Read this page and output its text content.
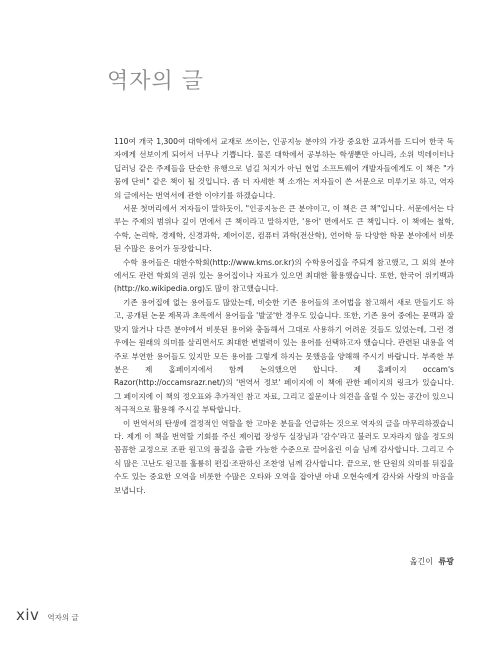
역자의 글

110여 개국 1,300여 대학에서 교재로 쓰이는, 인공지능 분야의 가장 중요한 교과서를 드디어 한국 독자에게 선보이게 되어서 너무나 기쁩니다. 물론 대학에서 공부하는 학생뿐만 아니라, 소위 빅데이터나 딥러닝 같은 주제들을 단순한 유행으로 넘길 처지가 아닌 현업 소프트웨어 개발자들에게도 이 책은 "가뭄에 단비" 같은 책이 될 것입니다. 좀 더 자세한 책 소개는 저자들이 쓴 서문으로 미루기로 하고, 역자의 글에서는 번역서에 관한 이야기를 하겠습니다.

서문 첫머리에서 저자들이 말하듯이, "인공지능은 큰 분야이고, 이 책은 큰 책"입니다. 서문에서는 다루는 주제의 범위나 깊이 면에서 큰 책이라고 말하지만, '용어' 면에서도 큰 책입니다. 이 책에는 철학, 수학, 논리학, 경제학, 신경과학, 제어이론, 컴퓨터 과학(전산학), 언어학 등 다양한 학문 분야에서 비롯된 수많은 용어가 등장합니다.

수학 용어들은 대한수학회(http://www.kms.or.kr)의 수학용어집을 주되게 참고했고, 그 외의 분야에서도 관련 학회의 권위 있는 용어집이나 자료가 있으면 최대한 활용했습니다. 또한, 한국어 위키백과(http://ko.wikipedia.org)도 많이 참고했습니다.

기존 용어집에 없는 용어들도 많았는데, 비슷한 기존 용어들의 조어법을 참고해서 새로 만들기도 하고, 공개된 논문 제목과 초록에서 용어들을 '발굴'한 경우도 있습니다. 또한, 기존 용어 중에는 문맥과 잘 맞지 않거나 다른 분야에서 비롯된 용어와 충돌해서 그대로 사용하기 어려운 것들도 있었는데, 그런 경우에는 원래의 의미를 살리면서도 최대한 변별력이 있는 용어를 선택하고자 했습니다. 관련된 내용을 역주로 부연한 용어들도 있지만 모든 용어를 그렇게 하지는 못했음을 양해해 주시기 바랍니다. 부족한 부분은 제 홈페이지에서 함께 논의했으면 합니다. 제 홈페이지 occam's Razor(http://occamsrazr.net/)의 '번역서 정보' 페이지에 이 책에 관한 페이지의 링크가 있습니다. 그 페이지에 이 책의 정오표와 추가적인 참고 자료, 그리고 질문이나 의견을 올릴 수 있는 공간이 있으니 적극적으로 활용해 주시길 부탁합니다.

이 번역서의 탄생에 결정적인 역할을 한 고마운 분들을 언급하는 것으로 역자의 글을 마무리하겠습니다. 제게 이 책을 번역할 기회를 주신 제이펍 장성두 실장님과 '감수'라고 불러도 모자라지 않을 정도의 꼼꼼한 교정으로 조판 원고의 품질을 출판 가능한 수준으로 끌어올린 이슬 님께 감사합니다. 그리고 수식 많은 고난도 원고를 훌륭히 편집·조판하신 조찬영 님께 감사합니다. 끝으로, 한 단원의 의미를 뒤집을 수도 있는 중요한 오역을 비롯한 수많은 오타와 오역을 잡아낸 아내 오현숙에게 감사와 사랑의 마음을 보냅니다.

옮긴이 류광
xiv 역자의 글
